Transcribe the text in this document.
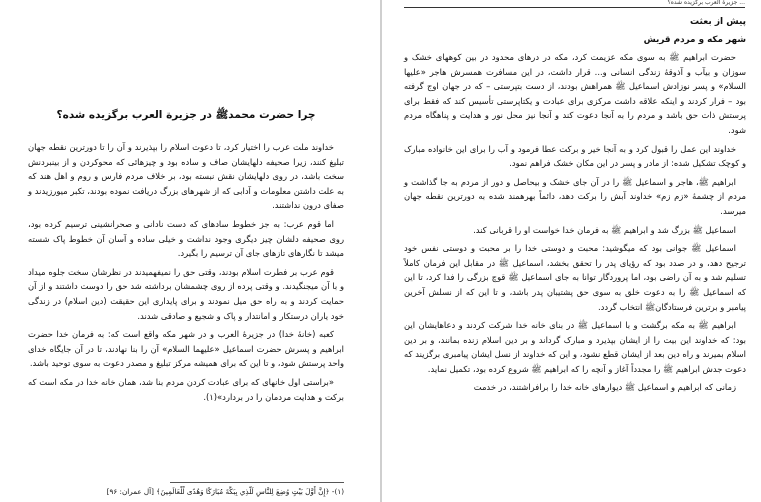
چرا حضرت محمدﷺ در جزیرة العرب برگزیده شده؟

خداوند ملت عرب را اختیار کرد، تا دعوت اسلام را بپذیرند و آن را تا دورترین نقطه جهان تبلیغ کنند، زیرا صحیفه دلهایشان صاف و ساده بود و چیزهائی که محوکردن و از بینبردنش سخت باشد، در روی دلهایشان نقش نبسته بود، بر خلاف مردم فارس و روم و اهل هند که به علت داشتن معلومات و آدابی که از شهرهای بزرگ دریافت نموده بودند، تکبر میورزیدند و صفای درون نداشتند.

اما قوم عرب: به جز خطوط سادهای که دست نادانی و صحرانشینی ترسیم کرده بود، روی صحیفه دلشان چیز دیگری وجود نداشت و خیلی ساده و آسان آن خطوط پاک شسته میشد تا نگارهای تازهای جای آن ترسیم را بگیرد.

قوم عرب بر فطرت اسلام بودند، وقتی حق را نمیفهمیدند در نظرشان سخت جلوه میداد و با آن میجنگیدند. و وقتی پرده از روی چشمشان برداشته شد حق را دوست داشتند و از آن حمایت کردند و به راه حق میل نمودند و برای پایداری این حقیقت (دین اسلام) در زندگی خود یاران درستکار و امانتدار و پاک و شجیع و صادقی شدند.

کعبه (خانهٔ خدا) در جزیرهٔ العرب و در شهر مکه واقع است که: به فرمان خدا حضرت ابراهیم و پسرش حضرت اسماعیل «علیهما السلام» آن را بنا نهادند، تا در آن جایگاه خدای واحد پرستش شود، و تا این که برای همیشه مرکز تبلیغ و مصدر دعوت به سوی توحید باشد.

«براستی اول خانهای که برای عبادت کردن مردم بنا شد، همان خانه خدا در مکه است که برکت و هدایت مردمان را در بردارد»(۱).

(۱)- ﴿إِنَّ أَوَّلَ بَيْتٍ وُضِعَ لِلنَّاسِ لَلَّذِي بِبَكَّةَ مُبَارَكًا وَهُدًى لِّلْعَالَمِينَ﴾ [آل عمران: ۹۶]
... جزیرة العرب برگزیده شده؟
پیش از بعثت
شهر مکه و مردم قریش

حضرت ابراهیم ﷺ به سوی مکه عزیمت کرد، مکه در درهای محدود در بین کوههای خشک و سوزان و بیآب و آذوقهٔ زندگی انسانی و... قرار داشت، در این مسافرت همسرش هاجر «علیها السلام» و پسر نوزادش اسماعیل ﷺ همراهش بودند، از دست بتپرستی – که در جهان اوج گرفته بود – فرار کردند و اینکه علاقه داشت مرکزی برای عبادت و یکتاپرستی تأسیس کند که فقط برای پرستش ذات حق باشد و مردم را به آنجا دعوت کند و آنجا نیز محل نور و هدایت و پناهگاه مردم شود.

خداوند این عمل را قبول کرد و به آنجا خیر و برکت عطا فرمود و آب را برای این خانواده مبارک و کوچک تشکیل شده: از مادر و پسر در این مکان خشک فراهم نمود.

ابراهیم ﷺ، هاجر و اسماعیل ﷺ را در آن جای خشک و بیحاصل و دور از مردم به جا گذاشت و مردم از چشمهٔ «زم زم» خداوند آبش را برکت دهد، دائماً بهرهمند شده به دورترین نقطه جهان میرسد.

اسماعیل ﷺ بزرگ شد و ابراهیم ﷺ به فرمان خدا خواست او را قربانی کند.

اسماعیل ﷺ جوانی بود که میگوشید: محبت و دوستی خدا را بر محبت و دوستی نفس خود ترجیح دهد، و در صدد بود که رؤیای پدر را تحقق بخشد، اسماعیل ﷺ در مقابل این فرمان کاملاً تسلیم شد و به آن راضی بود، اما پروردگار توانا به جای اسماعیل ﷺ قوچ بزرگی را فدا کرد، تا این که اسماعیل ﷺ را به دعوت خلق به سوی حق پشتیبان پدر باشد، و تا این که از نسلش آخرین پیامبر و برترین فرستادگانﷺ انتخاب گردد.

ابراهیم ﷺ به مکه برگشت و با اسماعیل ﷺ در بنای خانه خدا شرکت کردند و دعاهایشان این بود: که خداوند این بیت را از ایشان بپذیرد و مبارک گرداند و بر دین اسلام زنده بمانند، و بر دین اسلام بمیرند و راه دین بعد از ایشان قطع نشود، و این که خداوند از نسل ایشان پیامبری برگزیند که دعوت جدش ابراهیم ﷺ را مجدداً آغاز و آنچه را که ابراهیم ﷺ شروع کرده بود، تکمیل نماید.

زمانی که ابراهیم و اسماعیل ﷺ دیوارهای خانه خدا را برافراشتند، در خدمت
